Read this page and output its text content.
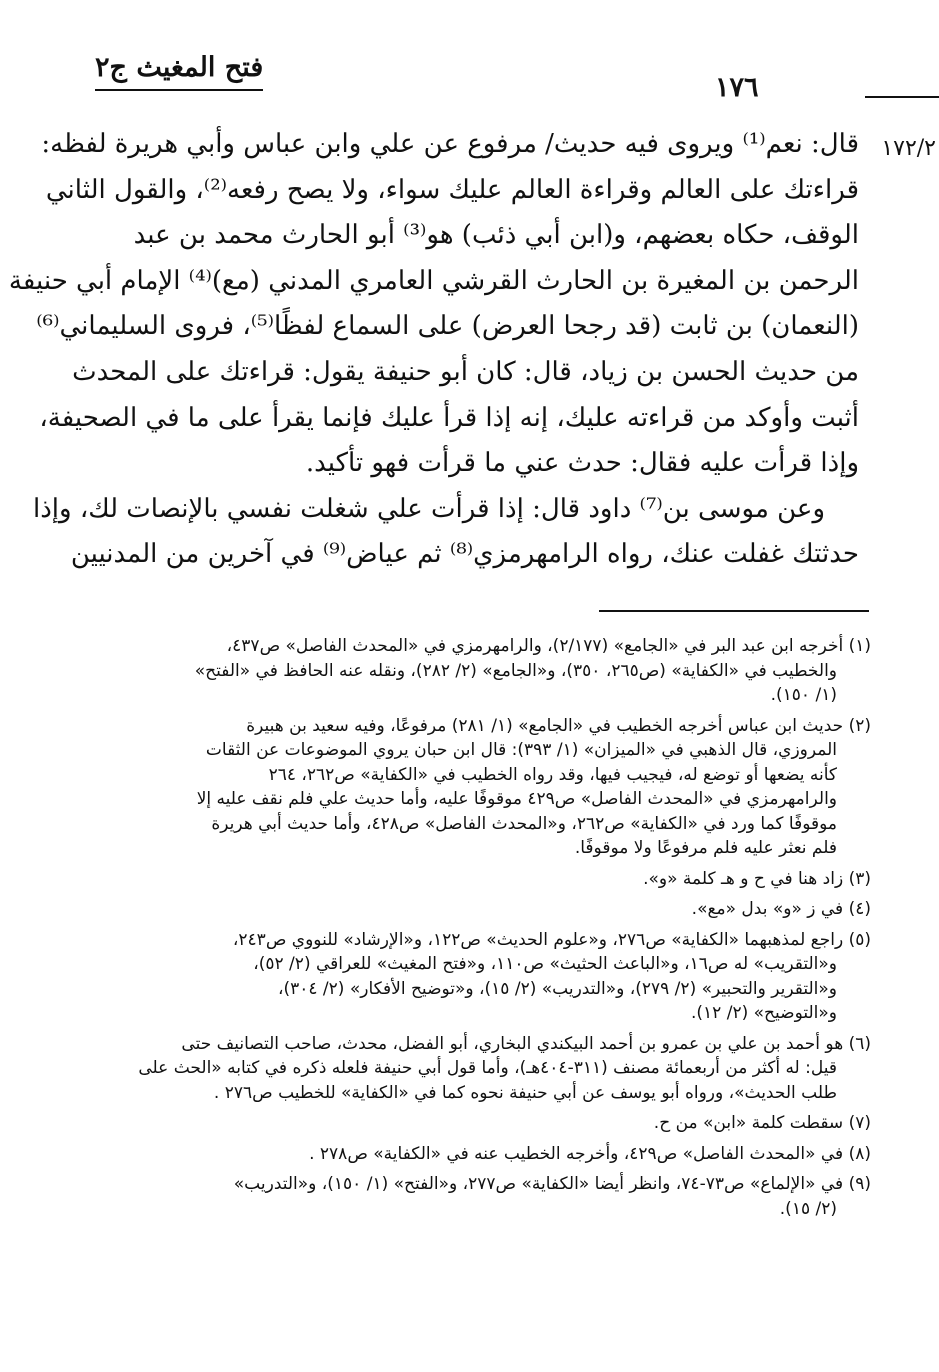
فتح المغيث ج٢
١٧٦
١٧٢/٢
قال: نعم⁽¹⁾ ويروى فيه حديث/ مرفوع عن علي وابن عباس وأبي هريرة لفظه:
قراءتك على العالم وقراءة العالم عليك سواء، ولا يصح رفعه⁽²⁾، والقول الثاني
الوقف، حكاه بعضهم، و(ابن أبي ذئب) هو⁽³⁾ أبو الحارث محمد بن عبد
الرحمن بن المغيرة بن الحارث القرشي العامري المدني (مع)⁽⁴⁾ الإمام أبي حنيفة
(النعمان) بن ثابت (قد رجحا العرض) على السماع لفظًا⁽⁵⁾، فروى السليماني⁽⁶⁾
من حديث الحسن بن زياد، قال: كان أبو حنيفة يقول: قراءتك على المحدث
أثبت وأوكد من قراءته عليك، إنه إذا قرأ عليك فإنما يقرأ على ما في الصحيفة،
وإذا قرأت عليه فقال: حدث عني ما قرأت فهو تأكيد.
وعن موسى بن⁽⁷⁾ داود قال: إذا قرأت علي شغلت نفسي بالإنصات لك، وإذا
حدثتك غفلت عنك، رواه الرامهرمزي⁽⁸⁾ ثم عياض⁽⁹⁾ في آخرين من المدنيين
(١) أخرجه ابن عبد البر في «الجامع» (٢/١٧٧)، والرامهرمزي في «المحدث الفاصل» ص٤٣٧،
والخطيب في «الكفاية» (ص٢٦٥، ٣٥٠)، و«الجامع» (٢/ ٢٨٢)، ونقله عنه الحافظ في «الفتح»
(١/ ١٥٠).
(٢) حديث ابن عباس أخرجه الخطيب في «الجامع» (١/ ٢٨١) مرفوعًا، وفيه سعيد بن هبيرة
المروزي، قال الذهبي في «الميزان» (١/ ٣٩٣): قال ابن حبان يروي الموضوعات عن الثقات
كأنه يضعها أو توضع له، فيجيب فيها، وقد رواه الخطيب في «الكفاية» ص٢٦٢، ٢٦٤
والرامهرمزي في «المحدث الفاصل» ص٤٢٩ موقوفًا عليه، وأما حديث علي فلم نقف عليه إلا
موقوفًا كما ورد في «الكفاية» ص٢٦٢، و«المحدث الفاصل» ص٤٢٨، وأما حديث أبي هريرة
فلم نعثر عليه فلم مرفوعًا ولا موقوفًا.
(٣) زاد هنا في ح و هـ كلمة «و».
(٤) في ز «و» بدل «مع».
(٥) راجع لمذهبهما «الكفاية» ص٢٧٦، و«علوم الحديث» ص١٢٢، و«الإرشاد» للنووي ص٢٤٣،
و«التقريب» له ص١٦، و«الباعث الحثيث» ص١١٠، و«فتح المغيث» للعراقي (٢/ ٥٢)،
و«التقرير والتحبير» (٢/ ٢٧٩)، و«التدريب» (٢/ ١٥)، و«توضيح الأفكار» (٢/ ٣٠٤)،
و«التوضيح» (٢/ ١٢).
(٦) هو أحمد بن علي بن عمرو بن أحمد البيكندي البخاري، أبو الفضل، محدث، صاحب التصانيف حتى
قيل: له أكثر من أربعمائة مصنف (٣١١-٤٠٤هـ)، وأما قول أبي حنيفة فلعله ذكره في كتابه «الحث على
طلب الحديث»، ورواه أبو يوسف عن أبي حنيفة نحوه كما في «الكفاية» للخطيب ص٢٧٦ .
(٧) سقطت كلمة «ابن» من ح.
(٨) في «المحدث الفاصل» ص٤٢٩، وأخرجه الخطيب عنه في «الكفاية» ص٢٧٨ .
(٩) في «الإلماع» ص٧٣-٧٤، وانظر أيضا «الكفاية» ص٢٧٧، و«الفتح» (١/ ١٥٠)، و«التدريب»
(٢/ ١٥).
